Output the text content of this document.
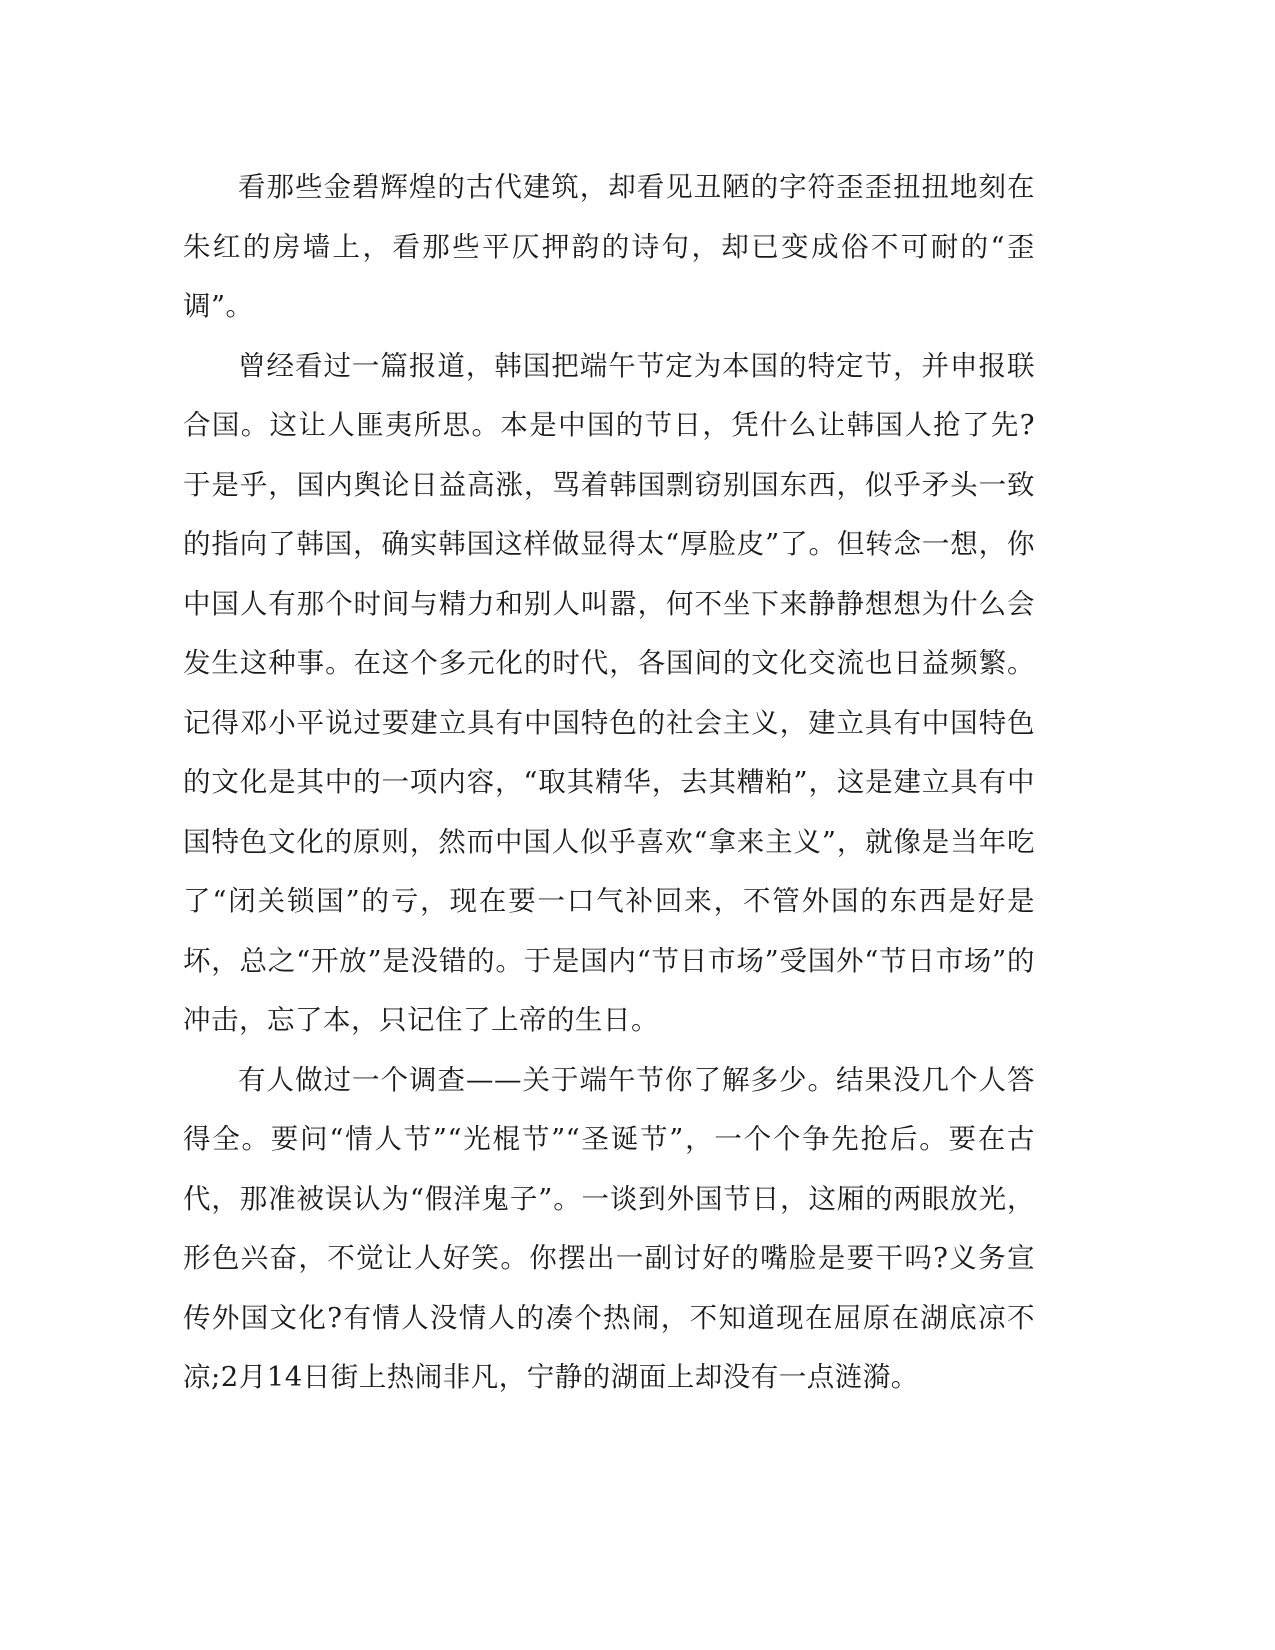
看那些金碧辉煌的古代建筑，却看见丑陋的字符歪歪扭扭地刻在朱红的房墙上，看那些平仄押韵的诗句，却已变成俗不可耐的“歪调”。

曾经看过一篇报道，韩国把端午节定为本国的特定节，并申报联合国。这让人匪夷所思。本是中国的节日，凭什么让韩国人抢了先?于是乎，国内舆论日益高涨，骂着韩国剽窃别国东西，似乎矛头一致的指向了韩国，确实韩国这样做显得太“厚脸皮”了。但转念一想，你中国人有那个时间与精力和别人叫嚣，何不坐下来静静想想为什么会发生这种事。在这个多元化的时代，各国间的文化交流也日益频繁。记得邓小平说过要建立具有中国特色的社会主义，建立具有中国特色的文化是其中的一项内容，“取其精华，去其糟粕”，这是建立具有中国特色文化的原则，然而中国人似乎喜欢“拿来主义”，就像是当年吃了“闭关锁国”的亏，现在要一口气补回来，不管外国的东西是好是坏，总之“开放”是没错的。于是国内“节日市场”受国外“节日市场”的冲击，忘了本，只记住了上帝的生日。

有人做过一个调查——关于端午节你了解多少。结果没几个人答得全。要问“情人节”“光棍节”“圣诞节”，一个个争先抢后。要在古代，那准被误认为“假洋鬼子”。一谈到外国节日，这厢的两眼放光，形色兴奋，不觉让人好笑。你摆出一副讨好的嘴脸是要干吗?义务宣传外国文化?有情人没情人的凑个热闹，不知道现在屈原在湖底凉不凉;2月14日街上热闹非凡，宁静的湖面上却没有一点涟漪。
